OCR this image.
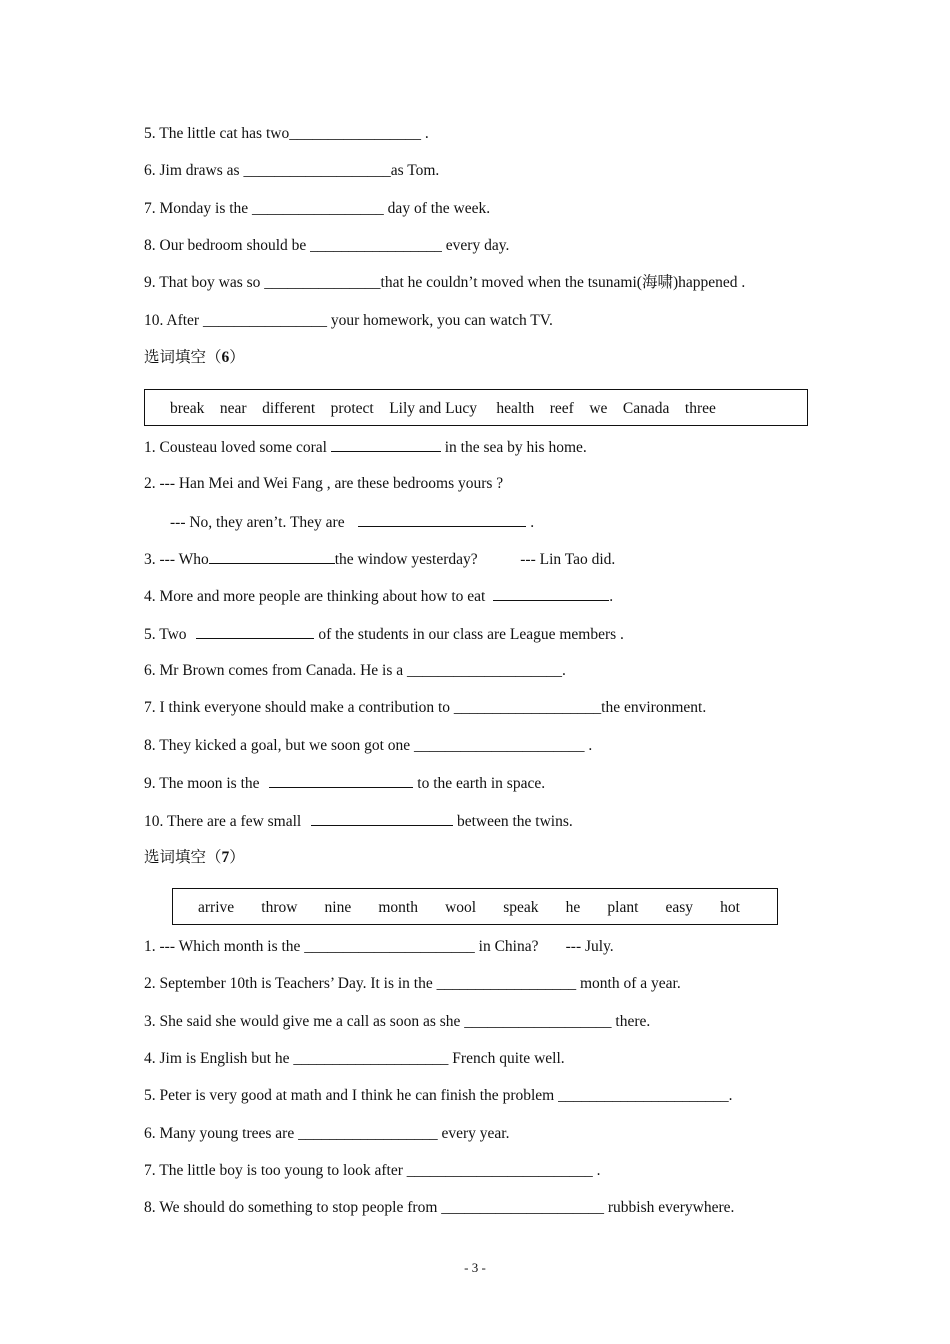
5. The little cat has two_________________ .
6. Jim draws as ___________________as Tom.
7. Monday is the _________________ day of the week.
8. Our bedroom should be _________________ every day.
9. That boy was so _______________that he couldn’t moved when the tsunami(海啸)happened .
10. After ________________ your homework, you can watch TV.
选词填空（6）
break    near    different    protect    Lily and Lucy     health    reef    we    Canada    three
1. Cousteau loved some coral	in the sea by his home.
2. --- Han Mei and Wei Fang , are these bedrooms yours ?
--- No, they aren’t. They are	.
3. --- Who	the window yesterday?           --- Lin Tao did.
4. More and more people are thinking about how to eat	.
5. Two	of the students in our class are League members .
6. Mr Brown comes from Canada. He is a ____________________.
7. I think everyone should make a contribution to ___________________the environment.
8. They kicked a goal, but we soon got one ______________________ .
9. The moon is the	to the earth in space.
10. There are a few small	between the twins.
选词填空（7）
arrive       throw       nine       month       wool       speak       he       plant       easy       hot
1. --- Which month is the ______________________ in China?       --- July.
2. September 10th is Teachers’ Day. It is in the __________________ month of a year.
3. She said she would give me a call as soon as she ___________________ there.
4. Jim is English but he ____________________ French quite well.
5. Peter is very good at math and I think he can finish the problem ______________________.
6. Many young trees are __________________ every year.
7. The little boy is too young to look after ________________________ .
8. We should do something to stop people from _____________________ rubbish everywhere.
- 3 -
